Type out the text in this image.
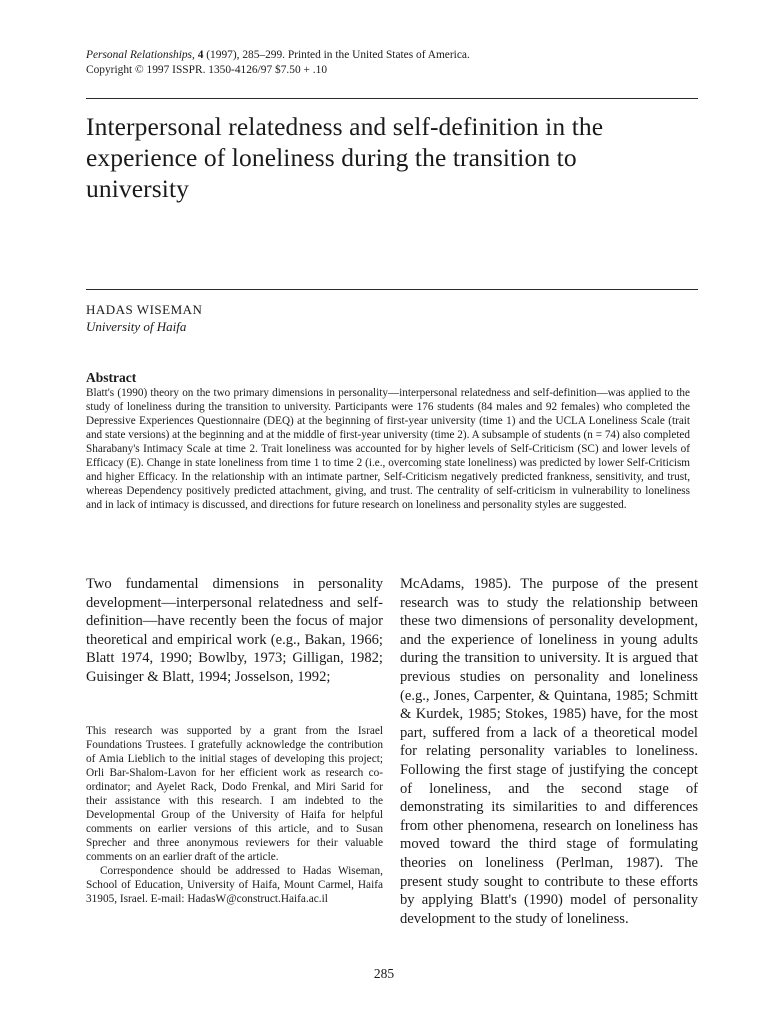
Personal Relationships, 4 (1997), 285–299. Printed in the United States of America.
Copyright © 1997 ISSPR. 1350-4126/97 $7.50 + .10
Interpersonal relatedness and self-definition in the experience of loneliness during the transition to university
HADAS WISEMAN
University of Haifa
Abstract

Blatt's (1990) theory on the two primary dimensions in personality—interpersonal relatedness and self-definition—was applied to the study of loneliness during the transition to university. Participants were 176 students (84 males and 92 females) who completed the Depressive Experiences Questionnaire (DEQ) at the beginning of first-year university (time 1) and the UCLA Loneliness Scale (trait and state versions) at the beginning and at the middle of first-year university (time 2). A subsample of students (n = 74) also completed Sharabany's Intimacy Scale at time 2. Trait loneliness was accounted for by higher levels of Self-Criticism (SC) and lower levels of Efficacy (E). Change in state loneliness from time 1 to time 2 (i.e., overcoming state loneliness) was predicted by lower Self-Criticism and higher Efficacy. In the relationship with an intimate partner, Self-Criticism negatively predicted frankness, sensitivity, and trust, whereas Dependency positively predicted attachment, giving, and trust. The centrality of self-criticism in vulnerability to loneliness and in lack of intimacy is discussed, and directions for future research on loneliness and personality styles are suggested.

Two fundamental dimensions in personality development—interpersonal relatedness and self-definition—have recently been the focus of major theoretical and empirical work (e.g., Bakan, 1966; Blatt 1974, 1990; Bowlby, 1973; Gilligan, 1982; Guisinger & Blatt, 1994; Josselson, 1992;

This research was supported by a grant from the Israel Foundations Trustees. I gratefully acknowledge the contribution of Amia Lieblich to the initial stages of developing this project; Orli Bar-Shalom-Lavon for her efficient work as research co-ordinator; and Ayelet Rack, Dodo Frenkal, and Miri Sarid for their assistance with this research. I am indebted to the Developmental Group of the University of Haifa for helpful comments on earlier versions of this article, and to Susan Sprecher and three anonymous reviewers for their valuable comments on an earlier draft of the article.

Correspondence should be addressed to Hadas Wiseman, School of Education, University of Haifa, Mount Carmel, Haifa 31905, Israel. E-mail: HadasW@construct.Haifa.ac.il

McAdams, 1985). The purpose of the present research was to study the relationship between these two dimensions of personality development, and the experience of loneliness in young adults during the transition to university. It is argued that previous studies on personality and loneliness (e.g., Jones, Carpenter, & Quintana, 1985; Schmitt & Kurdek, 1985; Stokes, 1985) have, for the most part, suffered from a lack of a theoretical model for relating personality variables to loneliness. Following the first stage of justifying the concept of loneliness, and the second stage of demonstrating its similarities to and differences from other phenomena, research on loneliness has moved toward the third stage of formulating theories on loneliness (Perlman, 1987). The present study sought to contribute to these efforts by applying Blatt's (1990) model of personality development to the study of loneliness.

285
